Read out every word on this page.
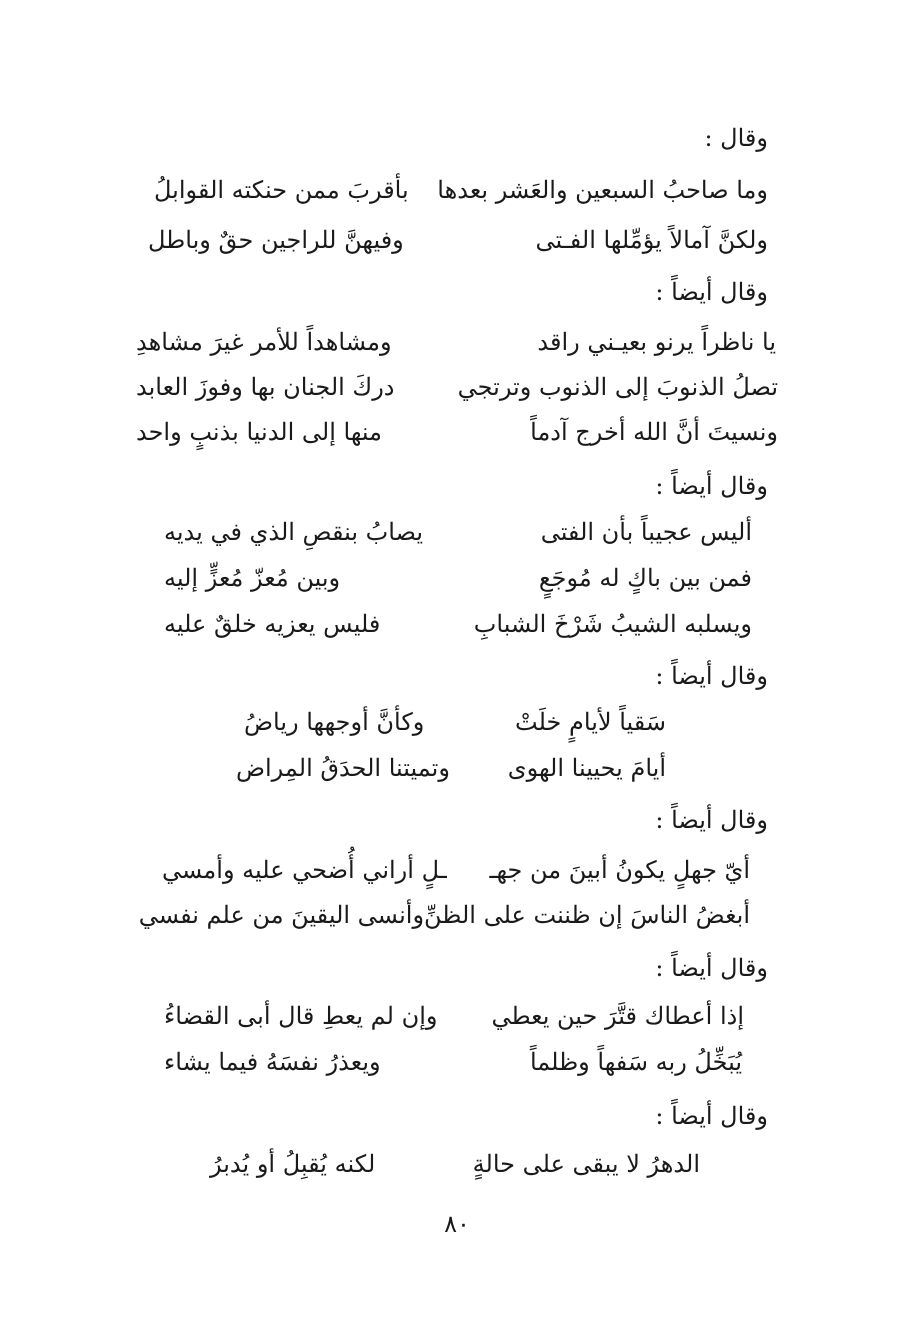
وقال :
وما صاحبُ السبعين والعَشر بعدها
بأقربَ ممن حنكته القوابلُ
ولكنَّ آمالاً يؤمِّلها الفـتى
وفيهنَّ للراجين حقٌ وباطل
وقال أيضاً :
يا ناظراً يرنو بعيـني راقد
ومشاهداً للأمر غيرَ مشاهدِ
تصلُ الذنوبَ إلى الذنوب وترتجي
دركَ الجنان بها وفوزَ العابد
ونسيتَ أنَّ الله أخرج آدماً
منها إلى الدنيا بذنبٍ واحد
وقال أيضاً :
أليس عجيباً بأن الفتى
يصابُ بنقصِ الذي في يديه
فمن بين باكٍ له مُوجَعٍ
وبين مُعزّ مُعزٍّ إليه
ويسلبه الشيبُ شَرْخَ الشبابِ
فليس يعزيه خلقٌ عليه
وقال أيضاً :
سَقياً لأيامٍ خلَتْ
وكأنَّ أوجهها رياضُ
أيامَ يحيينا الهوى
وتميتنا الحدَقُ المِراض
وقال أيضاً :
أيّ جهلٍ يكونُ أبينَ من جهـ
ـلٍ أراني أُضحي عليه وأمسي
أبغضُ الناسَ إن ظننت على الظنِّ
وأنسى اليقينَ من علم نفسي
وقال أيضاً :
إذا أعطاك قتَّرَ حين يعطي
وإن لم يعطِ قال أبى القضاءُ
يُبَخِّلُ ربه سَفهاً وظلماً
ويعذرُ نفسَهُ فيما يشاء
وقال أيضاً :
الدهرُ لا يبقى على حالةٍ
لكنه يُقبِلُ أو يُدبرُ
٨٠
